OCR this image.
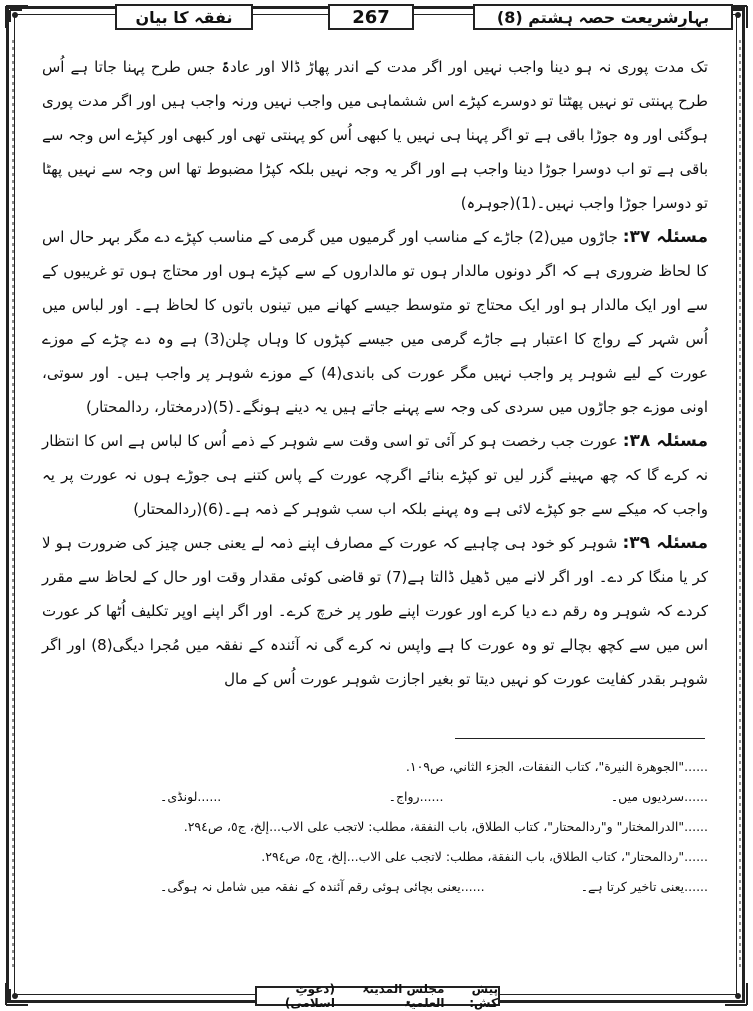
بہارِشریعت حصہ ہشتم (8)
267
نفقہ کا بیان

تک مدت پوری نہ ہو دینا واجب نہیں اور اگر مدت کے اندر پھاڑ ڈالا اور عادۃً جس طرح پہنا جاتا ہے اُس طرح پہنتی تو نہیں پھٹتا تو دوسرے کپڑے اس ششماہی میں واجب نہیں ورنہ واجب ہیں اور اگر مدت پوری ہوگئی اور وہ جوڑا باقی ہے تو اگر پہنا ہی نہیں یا کبھی اُس کو پہنتی تھی اور کبھی اور کپڑے اس وجہ سے باقی ہے تو اب دوسرا جوڑا دینا واجب ہے اور اگر یہ وجہ نہیں بلکہ کپڑا مضبوط تھا اس وجہ سے نہیں پھٹا تو دوسرا جوڑا واجب نہیں۔(1)(جوہرہ)

مسئلہ ۳۷: جاڑوں میں(2) جاڑے کے مناسب اور گرمیوں میں گرمی کے مناسب کپڑے دے مگر بہر حال اس کا لحاظ ضروری ہے کہ اگر دونوں مالدار ہوں تو مالداروں کے سے کپڑے ہوں اور محتاج ہوں تو غریبوں کے سے اور ایک مالدار ہو اور ایک محتاج تو متوسط جیسے کھانے میں تینوں باتوں کا لحاظ ہے۔ اور لباس میں اُس شہر کے رواج کا اعتبار ہے جاڑے گرمی میں جیسے کپڑوں کا وہاں چلن(3) ہے وہ دے چڑے کے موزے عورت کے لیے شوہر پر واجب نہیں مگر عورت کی باندی(4) کے موزے شوہر پر واجب ہیں۔ اور سوتی، اونی موزے جو جاڑوں میں سردی کی وجہ سے پہنے جاتے ہیں یہ دینے ہونگے۔(5)(درمختار، ردالمحتار)

مسئلہ ۳۸: عورت جب رخصت ہو کر آئی تو اسی وقت سے شوہر کے ذمے اُس کا لباس ہے اس کا انتظار نہ کرے گا کہ چھ مہینے گزر لیں تو کپڑے بنائے اگرچہ عورت کے پاس کتنے ہی جوڑے ہوں نہ عورت پر یہ واجب کہ میکے سے جو کپڑے لائی ہے وہ پہنے بلکہ اب سب شوہر کے ذمہ ہے۔(6)(ردالمحتار)

مسئلہ ۳۹: شوہر کو خود ہی چاہیے کہ عورت کے مصارف اپنے ذمہ لے یعنی جس چیز کی ضرورت ہو لا کر یا منگا کر دے۔ اور اگر لانے میں ڈھیل ڈالتا ہے(7) تو قاضی کوئی مقدار وقت اور حال کے لحاظ سے مقرر کردے کہ شوہر وہ رقم دے دیا کرے اور عورت اپنے طور پر خرچ کرے۔ اور اگر اپنے اوپر تکلیف اُٹھا کر عورت اس میں سے کچھ بچالے تو وہ عورت کا ہے واپس نہ کرے گی نہ آئندہ کے نفقہ میں مُجرا دیگی(8) اور اگر شوہر بقدر کفایت عورت کو نہیں دیتا تو بغیر اجازت شوہر عورت اُس کے مال

......"الجوهرة النيرة"، كتاب النفقات، الجزء الثاني، ص١٠٩.
......سردیوں میں۔
......رواج۔
......لونڈی۔
......"الدرالمختار" و"ردالمحتار"، كتاب الطلاق، باب النفقة، مطلب: لاتجب على الاب...إلخ، ج٥، ص٢٩٤.
......"ردالمحتار"، كتاب الطلاق، باب النفقة، مطلب: لاتجب على الاب...إلخ، ج٥، ص٢٩٤.
......یعنی تاخیر کرتا ہے۔
......یعنی بچائی ہوئی رقم آئندہ کے نفقہ میں شامل نہ ہوگی۔
پیش کش:

مجلس المدینۃ العلمیۃ

(دعوتِ اسلامی)
